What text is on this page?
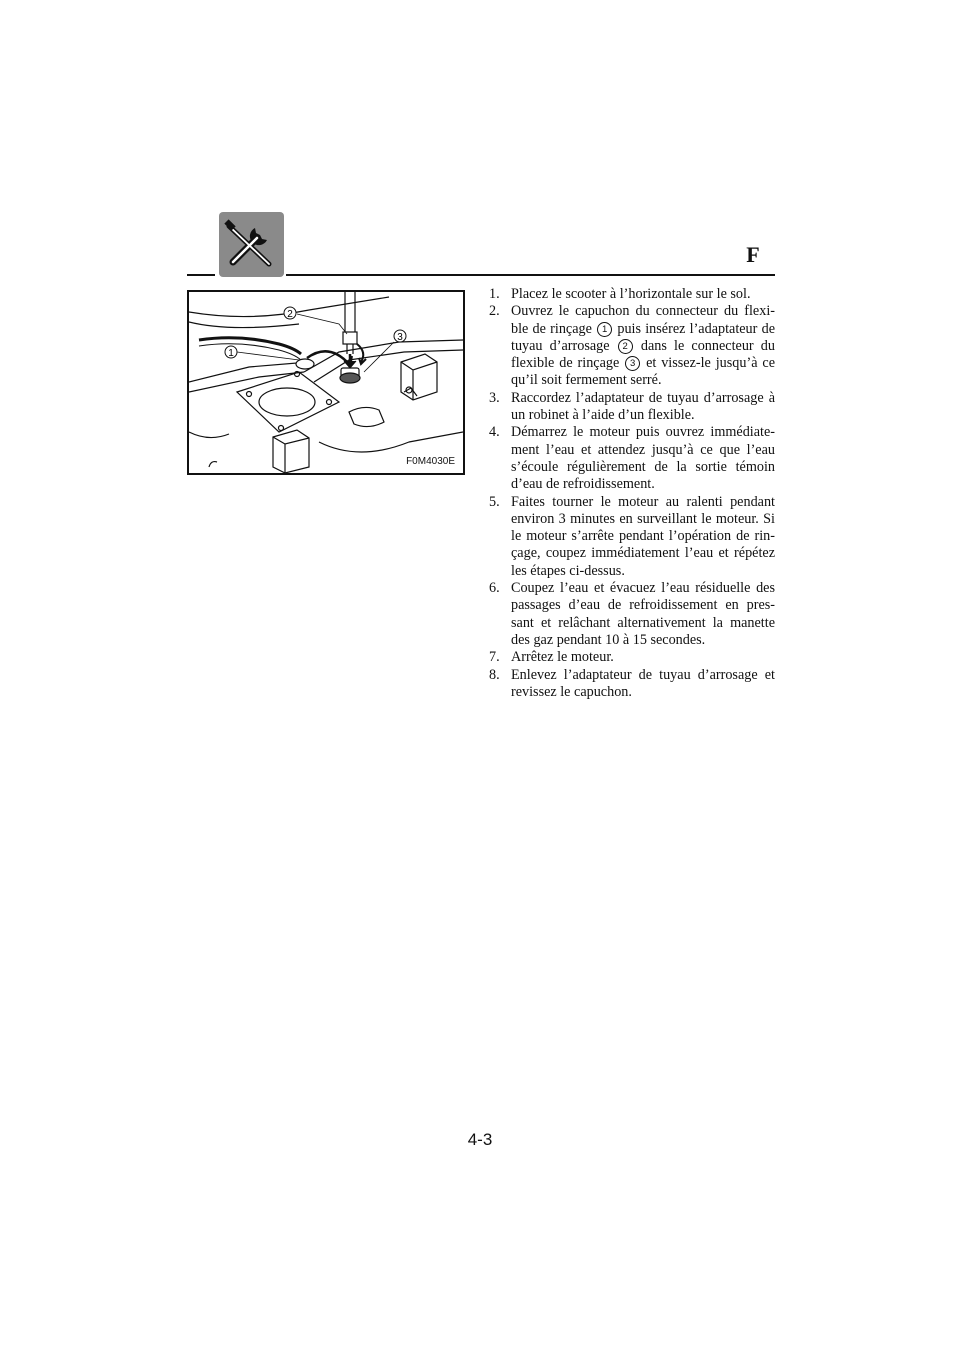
F
1
2
3
F0M4030E
1. Placez le scooter à l’horizontale sur le sol.
2. Ouvrez le capuchon du connecteur du flexi-ble de rinçage 1 puis insérez l’adaptateur de tuyau d’arrosage 2 dans le connecteur du flexible de rinçage 3 et vissez-le jusqu’à ce qu’il soit fermement serré.
3. Raccordez l’adaptateur de tuyau d’arrosage à un robinet à l’aide d’un flexible.
4. Démarrez le moteur puis ouvrez immédiate-ment l’eau et attendez jusqu’à ce que l’eau s’écoule régulièrement de la sortie témoin d’eau de refroidissement.
5. Faites tourner le moteur au ralenti pendant environ 3 minutes en surveillant le moteur. Si le moteur s’arrête pendant l’opération de rin-çage, coupez immédiatement l’eau et répétez les étapes ci-dessus.
6. Coupez l’eau et évacuez l’eau résiduelle des passages d’eau de refroidissement en pres-sant et relâchant alternativement la manette des gaz pendant 10 à 15 secondes.
7. Arrêtez le moteur.
8. Enlevez l’adaptateur de tuyau d’arrosage et revissez le capuchon.
4-3
